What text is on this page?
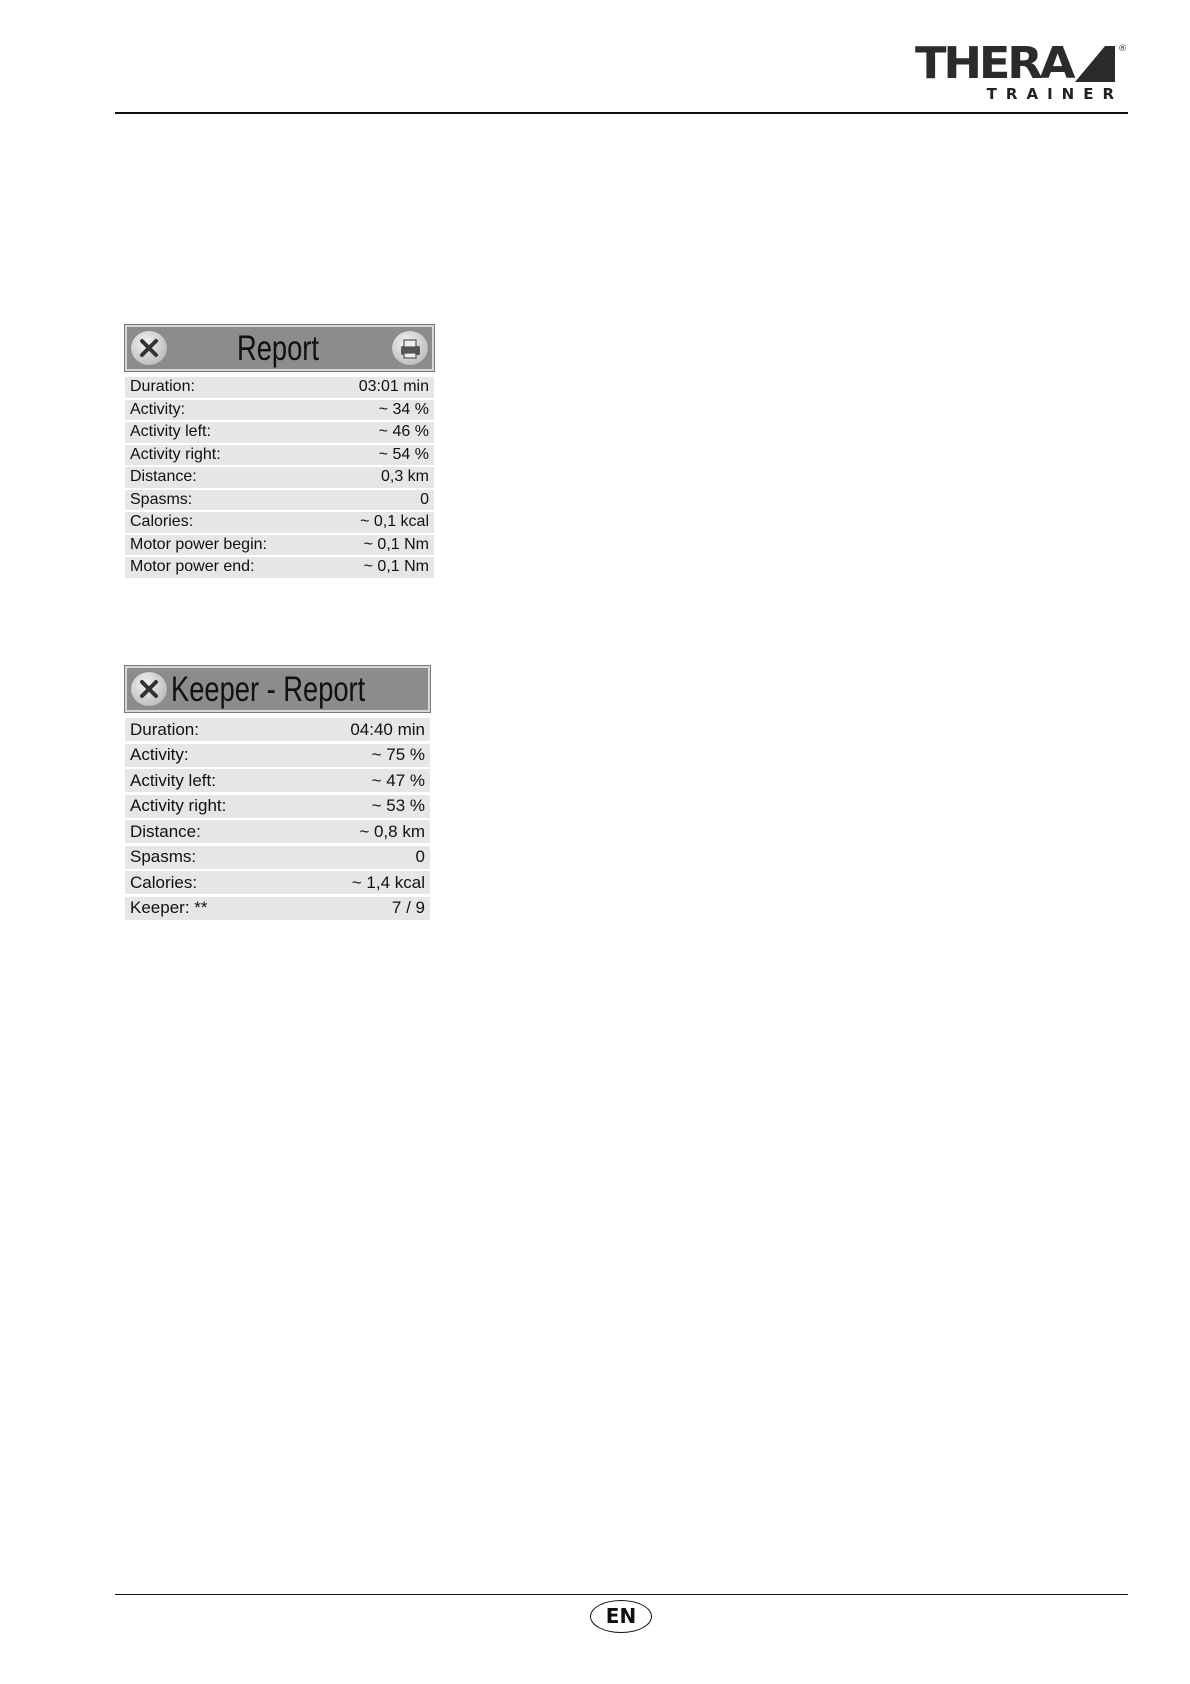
THERA	®
TRAINER
Report
Duration:	03:01 min
Activity:	~ 34 %
Activity left:	~ 46 %
Activity right:	~ 54 %
Distance:	0,3 km
Spasms:	0
Calories:	~ 0,1 kcal
Motor power begin:	~ 0,1 Nm
Motor power end:	~ 0,1 Nm
Keeper - Report
Duration:	04:40 min
Activity:	~ 75 %
Activity left:	~ 47 %
Activity right:	~ 53 %
Distance:	~ 0,8 km
Spasms:	0
Calories:	~ 1,4 kcal
Keeper: **	7 / 9
EN
